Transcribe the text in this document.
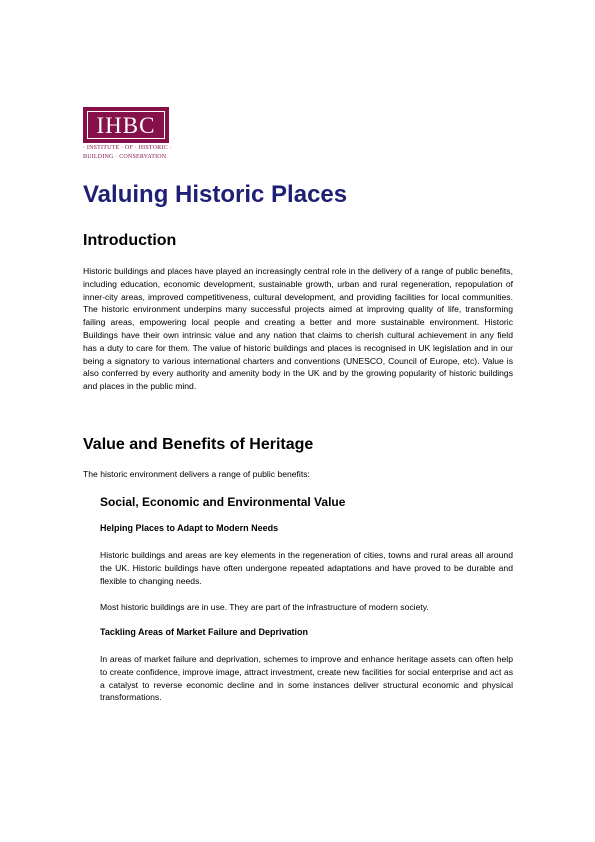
IHBC
· INSTITUTE · OF · HISTORIC ·
BUILDING · CONSERVATION
Valuing Historic Places
Introduction

Historic buildings and places have played an increasingly central role in the delivery of a range of public benefits, including education, economic development, sustainable growth, urban and rural regeneration, repopulation of inner-city areas, improved competitiveness, cultural development, and providing facilities for local communities. The historic environment underpins many successful projects aimed at improving quality of life, transforming failing areas, empowering local people and creating a better and more sustainable environment. Historic Buildings have their own intrinsic value and any nation that claims to cherish cultural achievement in any field has a duty to care for them. The value of historic buildings and places is recognised in UK legislation and in our being a signatory to various international charters and conventions (UNESCO, Council of Europe, etc). Value is also conferred by every authority and amenity body in the UK and by the growing popularity of historic buildings and places in the public mind.

Value and Benefits of Heritage

The historic environment delivers a range of public benefits:

Social, Economic and Environmental Value
Helping Places to Adapt to Modern Needs

Historic buildings and areas are key elements in the regeneration of cities, towns and rural areas all around the UK. Historic buildings have often undergone repeated adaptations and have proved to be durable and flexible to changing needs.

Most historic buildings are in use. They are part of the infrastructure of modern society.

Tackling Areas of Market Failure and Deprivation

In areas of market failure and deprivation, schemes to improve and enhance heritage assets can often help to create confidence, improve image, attract investment, create new facilities for social enterprise and act as a catalyst to reverse economic decline and in some instances deliver structural economic and physical transformations.
